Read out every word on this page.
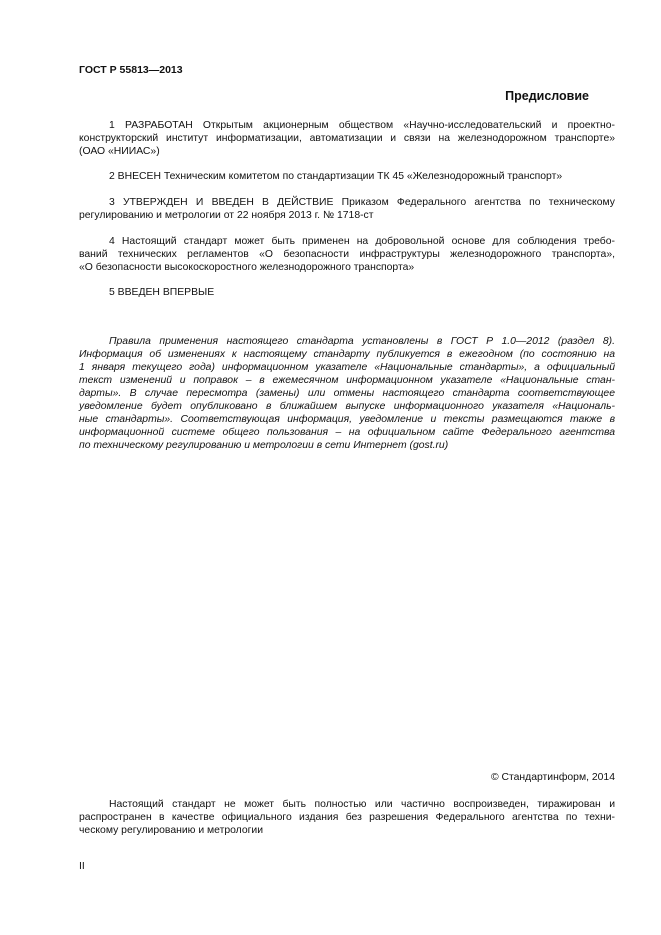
ГОСТ Р 55813—2013
Предисловие
1 РАЗРАБОТАН Открытым акционерным обществом «Научно-исследовательский и проектно-
конструкторский институт информатизации, автоматизации и связи на железнодорожном транспорте»
(ОАО «НИИАС»)
2 ВНЕСЕН Техническим комитетом по стандартизации ТК 45 «Железнодорожный транспорт»
3 УТВЕРЖДЕН И ВВЕДЕН В ДЕЙСТВИЕ Приказом Федерального агентства по техническому
регулированию и метрологии от 22 ноября 2013 г. № 1718-ст
4 Настоящий стандарт может быть применен на добровольной основе для соблюдения требо-
ваний технических регламентов «О безопасности инфраструктуры железнодорожного транспорта»,
«О безопасности высокоскоростного железнодорожного транспорта»
5 ВВЕДЕН ВПЕРВЫЕ
Правила применения настоящего стандарта установлены в ГОСТ Р 1.0—2012 (раздел 8).
Информация об изменениях к настоящему стандарту публикуется в ежегодном (по состоянию на
1 января текущего года) информационном указателе «Национальные стандарты», а официальный
текст изменений и поправок – в ежемесячном информационном указателе «Национальные стан-
дарты». В случае пересмотра (замены) или отмены настоящего стандарта соответствующее
уведомление будет опубликовано в ближайшем выпуске информационного указателя «Националь-
ные стандарты». Соответствующая информация, уведомление и тексты размещаются также в
информационной системе общего пользования – на официальном сайте Федерального агентства
по техническому регулированию и метрологии в сети Интернет (gost.ru)
© Стандартинформ, 2014
Настоящий стандарт не может быть полностью или частично воспроизведен, тиражирован и
распространен в качестве официального издания без разрешения Федерального агентства по техни-
ческому регулированию и метрологии
II
